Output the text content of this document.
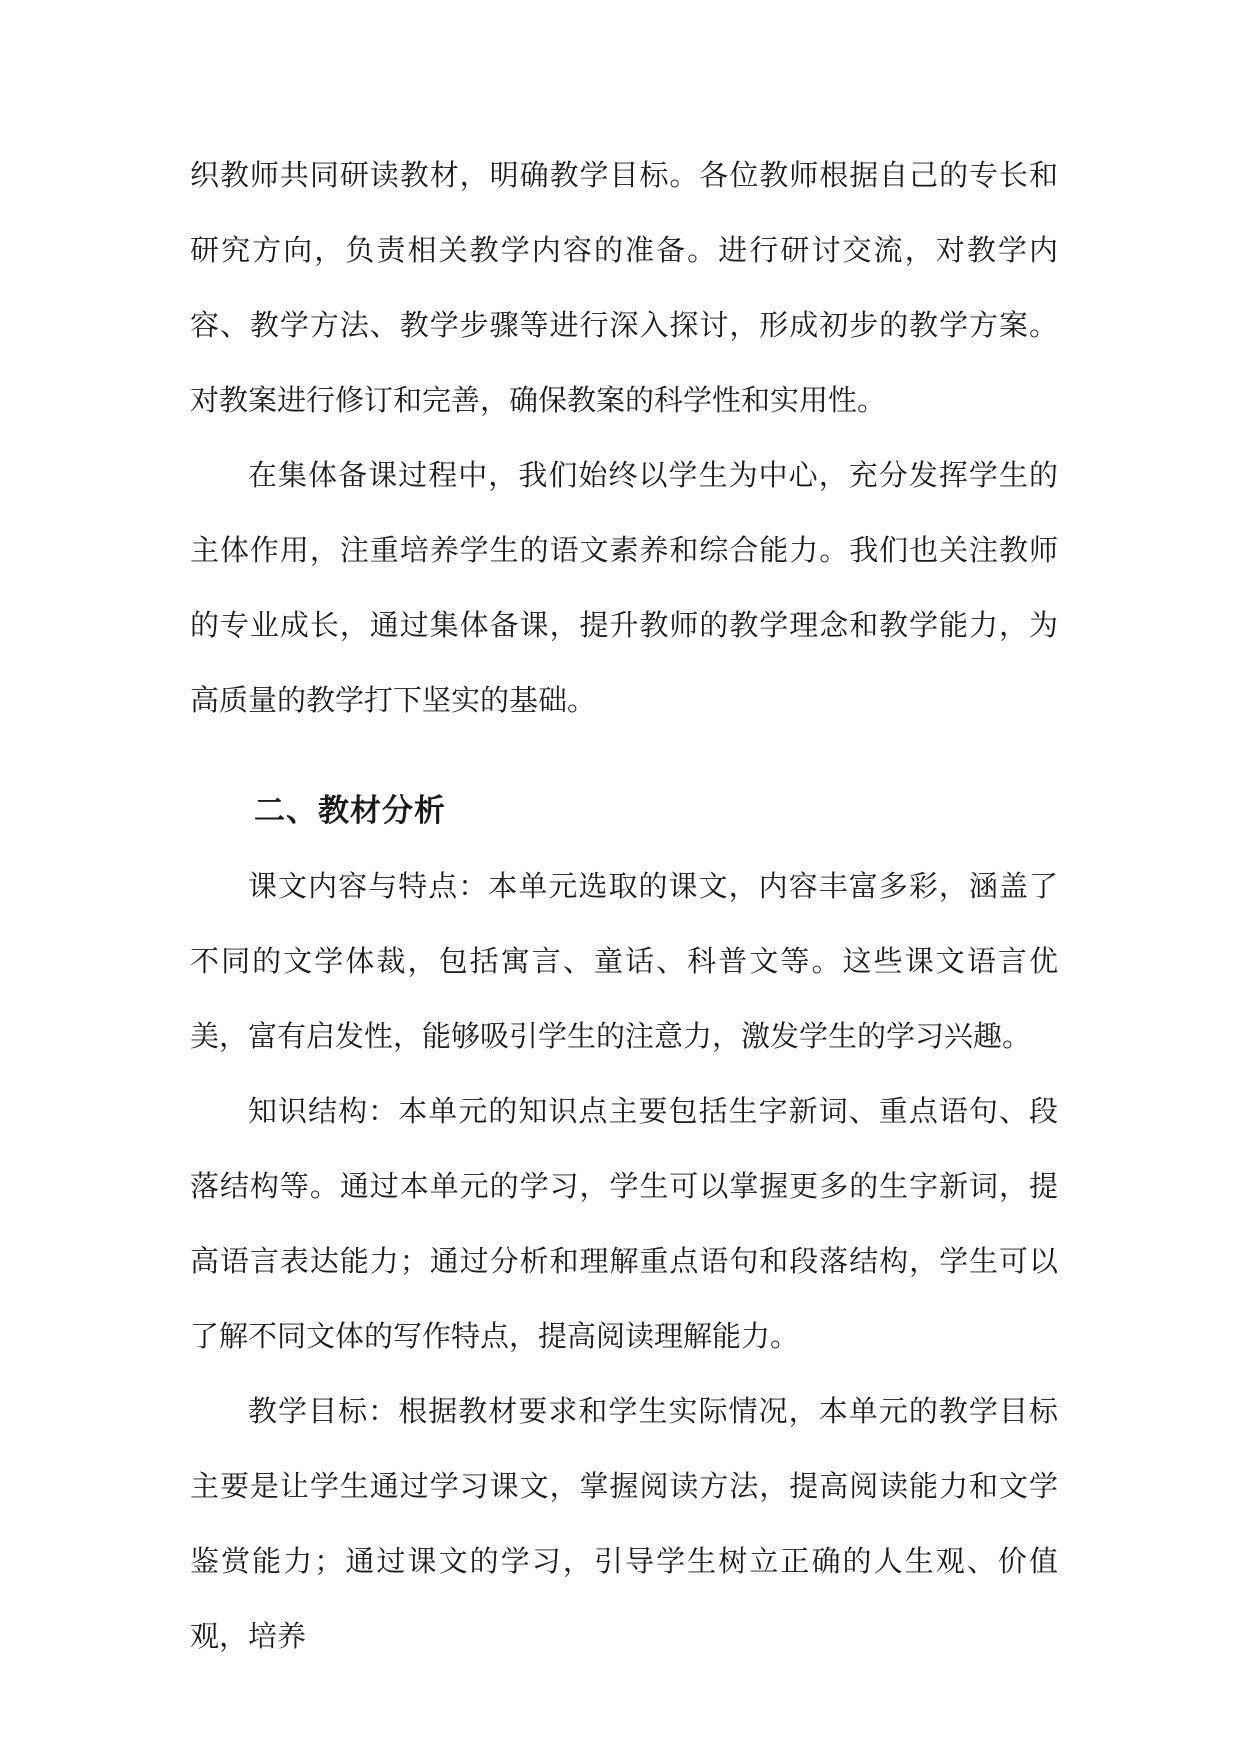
织教师共同研读教材，明确教学目标。各位教师根据自己的专长和研究方向，负责相关教学内容的准备。进行研讨交流，对教学内容、教学方法、教学步骤等进行深入探讨，形成初步的教学方案。对教案进行修订和完善，确保教案的科学性和实用性。

在集体备课过程中，我们始终以学生为中心，充分发挥学生的主体作用，注重培养学生的语文素养和综合能力。我们也关注教师的专业成长，通过集体备课，提升教师的教学理念和教学能力，为高质量的教学打下坚实的基础。

二、教材分析

课文内容与特点：本单元选取的课文，内容丰富多彩，涵盖了不同的文学体裁，包括寓言、童话、科普文等。这些课文语言优美，富有启发性，能够吸引学生的注意力，激发学生的学习兴趣。

知识结构：本单元的知识点主要包括生字新词、重点语句、段落结构等。通过本单元的学习，学生可以掌握更多的生字新词，提高语言表达能力；通过分析和理解重点语句和段落结构，学生可以了解不同文体的写作特点，提高阅读理解能力。

教学目标：根据教材要求和学生实际情况，本单元的教学目标主要是让学生通过学习课文，掌握阅读方法，提高阅读能力和文学鉴赏能力；通过课文的学习，引导学生树立正确的人生观、价值观，培养
